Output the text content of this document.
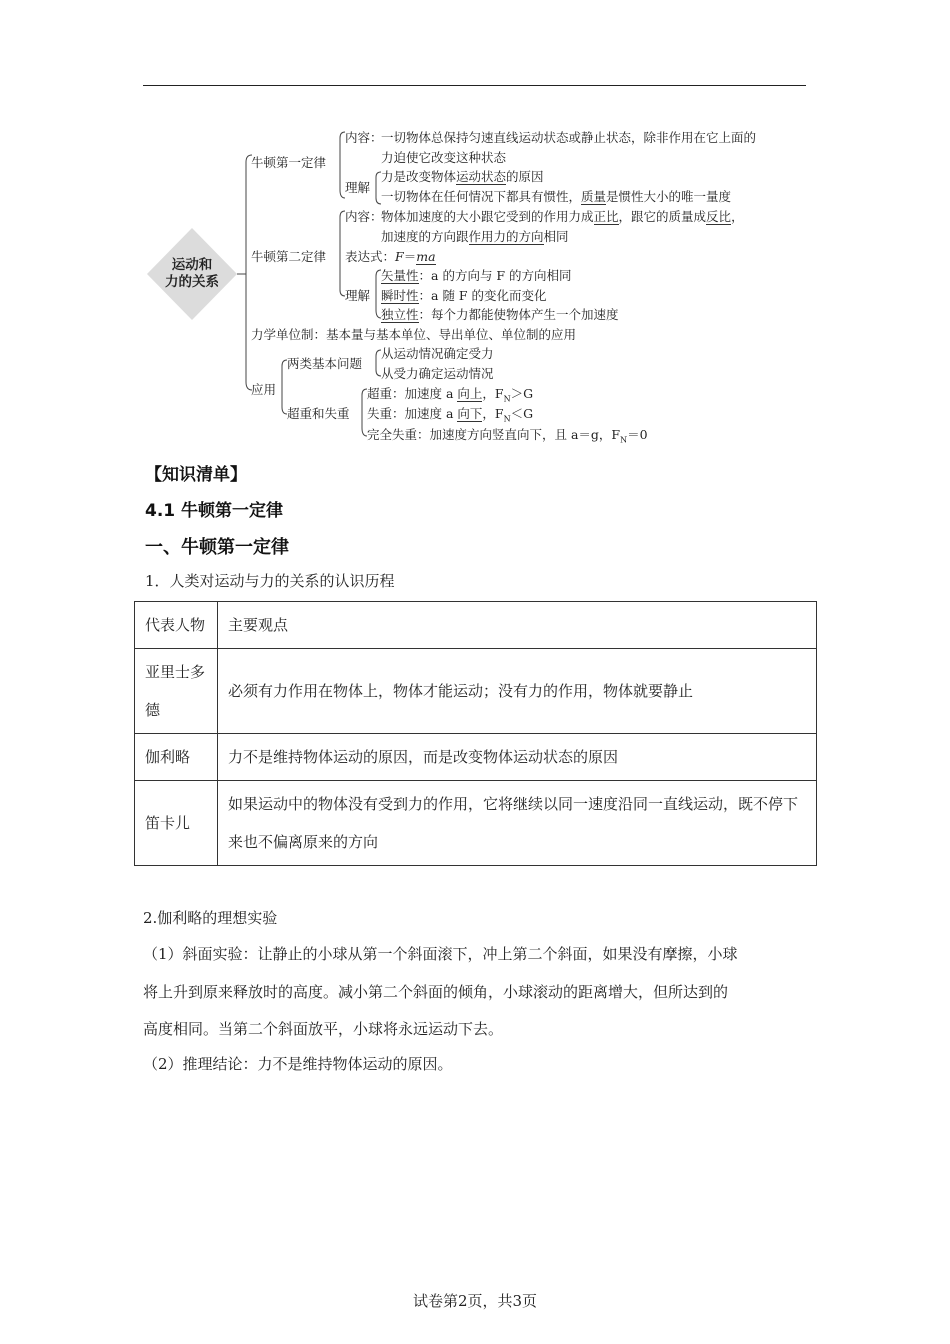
运动和
力的关系
牛顿第一定律
内容：
一切物体总保持匀速直线运动状态或静止状态，除非作用在它上面的
力迫使它改变这种状态
理解
力是改变物体运动状态的原因
一切物体在任何情况下都具有惯性，质量是惯性大小的唯一量度
牛顿第二定律
内容：
物体加速度的大小跟它受到的作用力成正比，跟它的质量成反比，
加速度的方向跟作用力的方向相同
表达式：F＝ma
理解
矢量性：a 的方向与 F 的方向相同
瞬时性：a 随 F 的变化而变化
独立性：每个力都能使物体产生一个加速度
力学单位制：基本量与基本单位、导出单位、单位制的应用
应用
两类基本问题
从运动情况确定受力
从受力确定运动情况
超重和失重
超重：加速度 a 向上，$F_N>G$
失重：加速度 a 向下，$F_N<G$
完全失重：加速度方向竖直向下，且 a＝g，$F_N=0$
【知识清单】
4.1 牛顿第一定律
一、牛顿第一定律
1．人类对运动与力的关系的认识历程
代表人物	主要观点
亚里士多德	必须有力作用在物体上，物体才能运动；没有力的作用，物体就要静止
伽利略	力不是维持物体运动的原因，而是改变物体运动状态的原因
笛卡儿	如果运动中的物体没有受到力的作用，它将继续以同一速度沿同一直线运动，既不停下来也不偏离原来的方向
2.伽利略的理想实验
（1）斜面实验：让静止的小球从第一个斜面滚下，冲上第二个斜面，如果没有摩擦，小球
将上升到原来释放时的高度。减小第二个斜面的倾角，小球滚动的距离增大，但所达到的
高度相同。当第二个斜面放平，小球将永远运动下去。
（2）推理结论：力不是维持物体运动的原因。
试卷第2页，共3页
